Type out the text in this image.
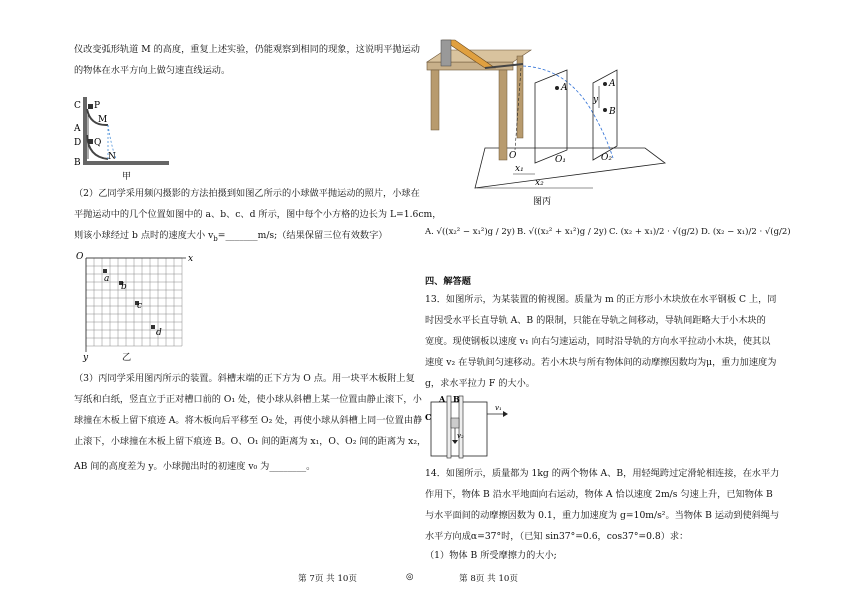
仪改变弧形轨道 M 的高度，重复上述实验，仍能观察到相同的现象，这说明平抛运动
的物体在水平方向上做匀速直线运动。
C P
M
A
D Q
B
N
甲
（2）乙同学采用频闪摄影的方法拍摄到如图乙所示的小球做平抛运动的照片，小球在
平抛运动中的几个位置如图中的 a、b、c、d 所示，图中每个小方格的边长为 L=1.6cm，
则该小球经过 b 点时的速度大小 $v_b=\_\_\_\_\_\_\_m/s$;（结果保留三位有效数字）
O	x
y
a
b
c
d
乙
（3）丙同学采用图丙所示的装置。斜槽末端的正下方为 O 点。用一块平木板附上复
写纸和白纸，竖直立于正对槽口前的 O₁ 处，使小球从斜槽上某一位置由静止滚下，小
球撞在木板上留下痕迹 A。将木板向后平移至 O₂ 处，再使小球从斜槽上同一位置由静
止滚下，小球撞在木板上留下痕迹 B。O、O₁ 间的距离为 x₁，O、O₂ 间的距离为 x₂，
AB 间的高度差为 y。小球抛出时的初速度 v₀ 为________。
A	A
y
B
O	O₁	O₂
x₁
x₂
图丙
A. √((x₂² − x₁²)g / 2y) B. √((x₂² + x₁²)g / 2y) C. (x₂ + x₁)/2 · √(g/2) D. (x₂ − x₁)/2 · √(g/2)
四、解答题
13．如图所示，为某装置的俯视图。质量为 m 的正方形小木块放在水平钢板 C 上，同
时因受水平长直导轨 A、B 的限制，只能在导轨之间移动，导轨间距略大于小木块的
宽度。现使钢板以速度 v₁ 向右匀速运动，同时沿导轨的方向水平拉动小木块，使其以
速度 v₂ 在导轨间匀速移动。若小木块与所有物体间的动摩擦因数均为μ，重力加速度为
g，求水平拉力 F 的大小。
A B
C
v₁
v₂
14．如图所示，质量都为 1kg 的两个物体 A、B，用轻绳跨过定滑轮相连接，在水平力
作用下，物体 B 沿水平地面向右运动，物体 A 恰以速度 2m/s 匀速上升，已知物体 B
与水平面间的动摩擦因数为 0.1，重力加速度为 g=10m/s²。当物体 B 运动到使斜绳与
水平方向成α=37°时，（已知 sin37°=0.6，cos37°=0.8）求：
（1）物体 B 所受摩擦力的大小;
第 7页 共 10页	◎	第 8页 共 10页
